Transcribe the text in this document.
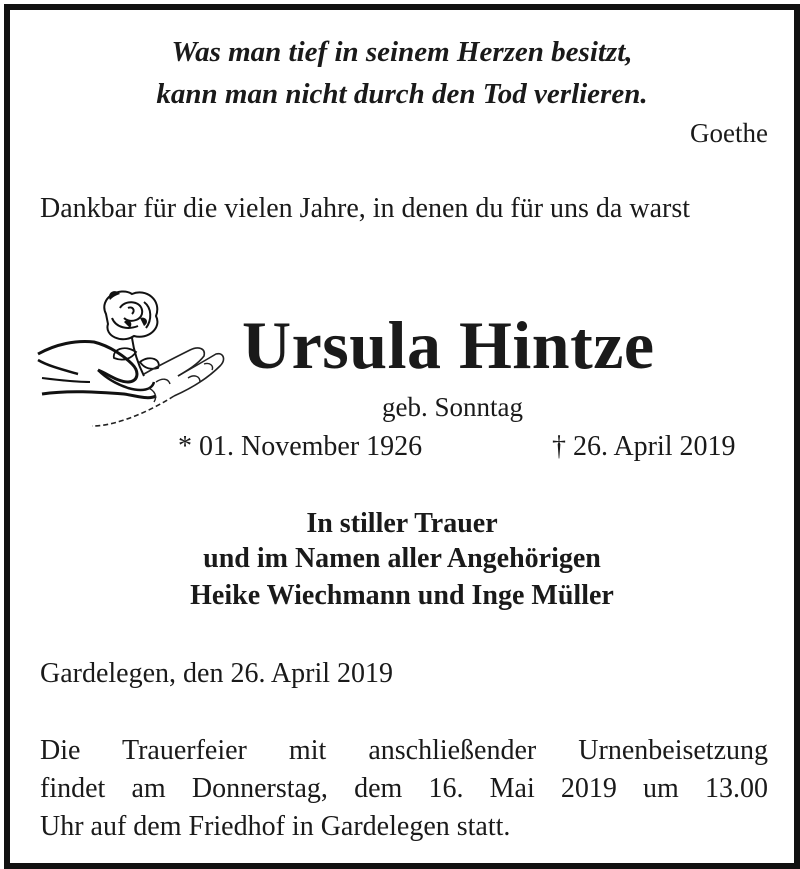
Was man tief in seinem Herzen besitzt,
kann man nicht durch den Tod verlieren.
Goethe
Dankbar für die vielen Jahre, in denen du für uns da warst
Ursula Hintze
geb. Sonntag
* 01. November 1926	† 26. April 2019
In stiller Trauer
und im Namen aller Angehörigen
Heike Wiechmann und Inge Müller
Gardelegen, den 26. April 2019
Die Trauerfeier mit anschließender Urnenbeisetzung
findet am Donnerstag, dem 16. Mai 2019 um 13.00
Uhr auf dem Friedhof in Gardelegen statt.
